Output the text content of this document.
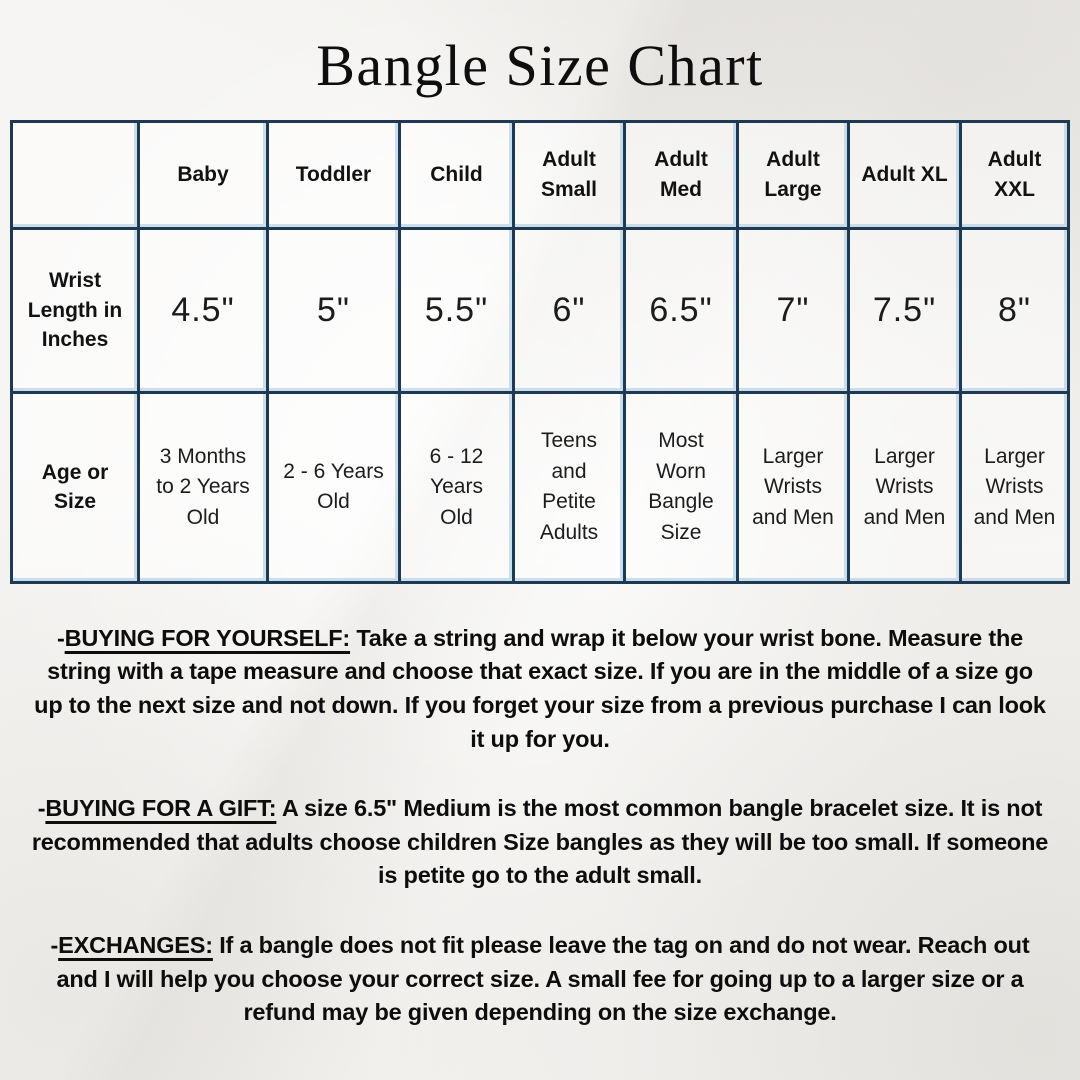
Bangle Size Chart
	Baby	Toddler	Child	Adult Small	Adult Med	Adult Large	Adult XL	Adult XXL
Wrist Length in Inches	4.5"	5"	5.5"	6"	6.5"	7"	7.5"	8"
Age or Size	3 Months to 2 Years Old	2 - 6 Years Old	6 - 12 Years Old	Teens and Petite Adults	Most Worn Bangle Size	Larger Wrists and Men	Larger Wrists and Men	Larger Wrists and Men

-BUYING FOR YOURSELF: Take a string and wrap it below your wrist bone. Measure the string with a tape measure and choose that exact size. If you are in the middle of a size go up to the next size and not down. If you forget your size from a previous purchase I can look it up for you.

-BUYING FOR A GIFT: A size 6.5" Medium is the most common bangle bracelet size. It is not recommended that adults choose children Size bangles as they will be too small. If someone is petite go to the adult small.

-EXCHANGES: If a bangle does not fit please leave the tag on and do not wear. Reach out and I will help you choose your correct size. A small fee for going up to a larger size or a refund may be given depending on the size exchange.
